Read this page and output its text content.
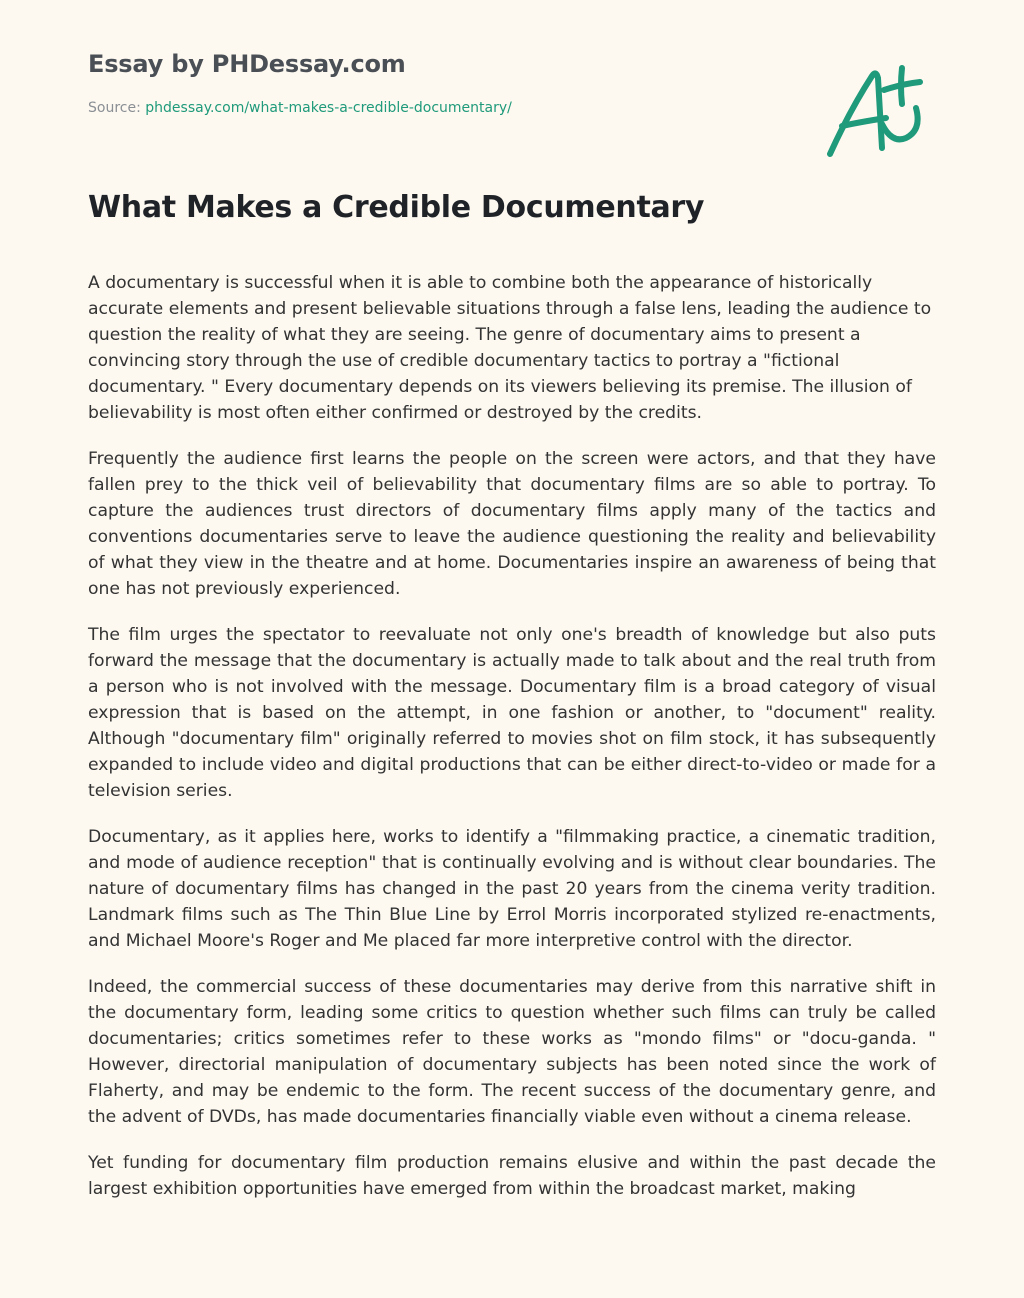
Essay by PHDessay.com
Source: phdessay.com/what-makes-a-credible-documentary/
What Makes a Credible Documentary

A documentary is successful when it is able to combine both the appearance of historically accurate elements and present believable situations through a false lens, leading the audience to question the reality of what they are seeing. The genre of documentary aims to present a convincing story through the use of credible documentary tactics to portray a "fictional documentary. " Every documentary depends on its viewers believing its premise. The illusion of believability is most often either confirmed or destroyed by the credits.

Frequently the audience first learns the people on the screen were actors, and that they have fallen prey to the thick veil of believability that documentary films are so able to portray. To capture the audiences trust directors of documentary films apply many of the tactics and conventions documentaries serve to leave the audience questioning the reality and believability of what they view in the theatre and at home. Documentaries inspire an awareness of being that one has not previously experienced.

The film urges the spectator to reevaluate not only one's breadth of knowledge but also puts forward the message that the documentary is actually made to talk about and the real truth from a person who is not involved with the message. Documentary film is a broad category of visual expression that is based on the attempt, in one fashion or another, to "document" reality. Although "documentary film" originally referred to movies shot on film stock, it has subsequently expanded to include video and digital productions that can be either direct-to-video or made for a television series.

Documentary, as it applies here, works to identify a "filmmaking practice, a cinematic tradition, and mode of audience reception" that is continually evolving and is without clear boundaries. The nature of documentary films has changed in the past 20 years from the cinema verity tradition. Landmark films such as The Thin Blue Line by Errol Morris incorporated stylized re-enactments, and Michael Moore's Roger and Me placed far more interpretive control with the director.

Indeed, the commercial success of these documentaries may derive from this narrative shift in the documentary form, leading some critics to question whether such films can truly be called documentaries; critics sometimes refer to these works as "mondo films" or "docu-ganda. " However, directorial manipulation of documentary subjects has been noted since the work of Flaherty, and may be endemic to the form. The recent success of the documentary genre, and the advent of DVDs, has made documentaries financially viable even without a cinema release.

Yet funding for documentary film production remains elusive and within the past decade the largest exhibition opportunities have emerged from within the broadcast market, making
